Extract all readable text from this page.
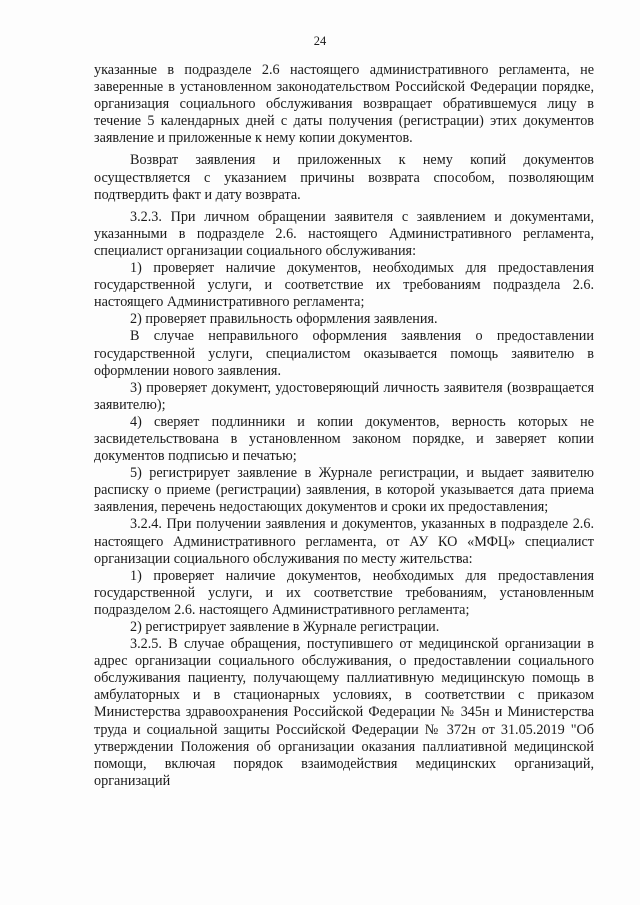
24

указанные в подразделе 2.6 настоящего административного регламента, не заверенные в установленном законодательством Российской Федерации порядке, организация социального обслуживания возвращает обратившемуся лицу в течение 5 календарных дней с даты получения (регистрации) этих документов заявление и приложенные к нему копии документов.

Возврат заявления и приложенных к нему копий документов осуществляется с указанием причины возврата способом, позволяющим подтвердить факт и дату возврата.

3.2.3. При личном обращении заявителя с заявлением и документами, указанными в подразделе 2.6. настоящего Административного регламента, специалист организации социального обслуживания:

1) проверяет наличие документов, необходимых для предоставления государственной услуги, и соответствие их требованиям подраздела 2.6. настоящего Административного регламента;

2) проверяет правильность оформления заявления.

В случае неправильного оформления заявления о предоставлении государственной услуги, специалистом оказывается помощь заявителю в оформлении нового заявления.

3) проверяет документ, удостоверяющий личность заявителя (возвращается заявителю);

4) сверяет подлинники и копии документов, верность которых не засвидетельствована в установленном законом порядке, и заверяет копии документов подписью и печатью;

5) регистрирует заявление в Журнале регистрации, и выдает заявителю расписку о приеме (регистрации) заявления, в которой указывается дата приема заявления, перечень недостающих документов и сроки их предоставления;

3.2.4. При получении заявления и документов, указанных в подразделе 2.6. настоящего Административного регламента, от АУ КО «МФЦ» специалист организации социального обслуживания по месту жительства:

1) проверяет наличие документов, необходимых для предоставления государственной услуги, и их соответствие требованиям, установленным подразделом 2.6. настоящего Административного регламента;

2) регистрирует заявление в Журнале регистрации.

3.2.5. В случае обращения, поступившего от медицинской организации в адрес организации социального обслуживания, о предоставлении социального обслуживания пациенту, получающему паллиативную медицинскую помощь в амбулаторных и в стационарных условиях, в соответствии с приказом Министерства здравоохранения Российской Федерации № 345н и Министерства труда и социальной защиты Российской Федерации № 372н от 31.05.2019 "Об утверждении Положения об организации оказания паллиативной медицинской помощи, включая порядок взаимодействия медицинских организаций, организаций
